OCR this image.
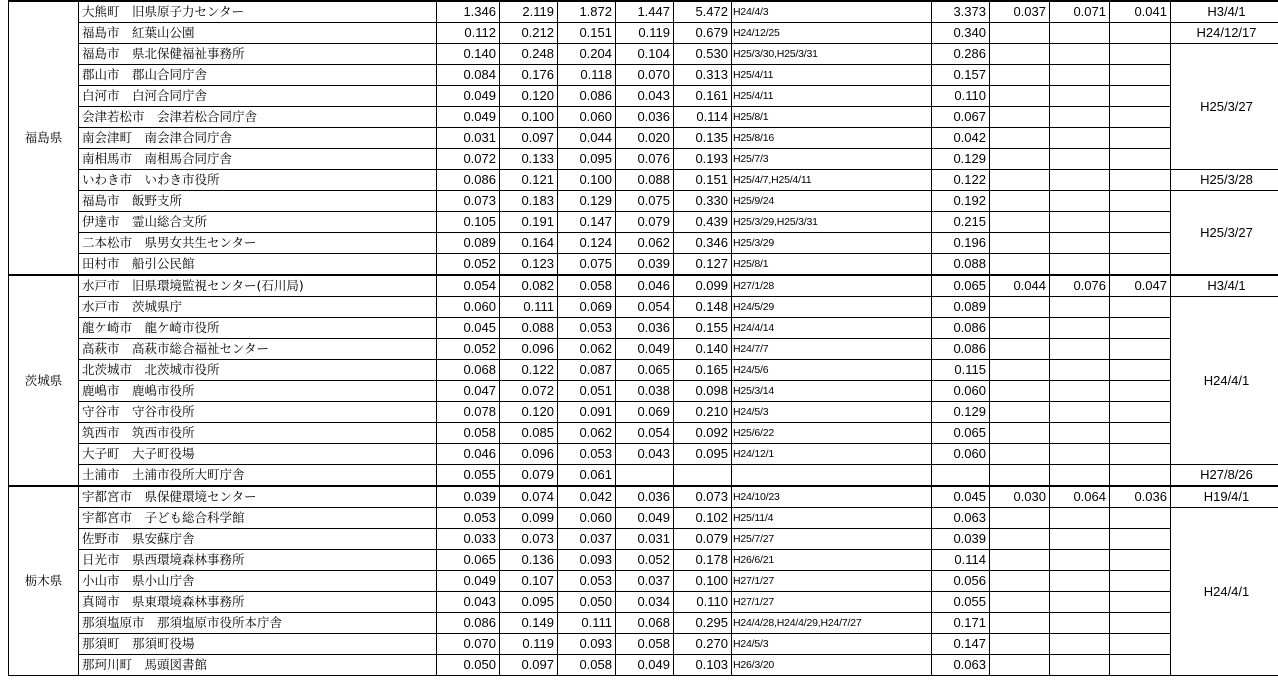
福島県	大熊町　旧県原子力センター	1.346	2.119	1.872	1.447	5.472	H24/4/3	3.373	0.037	0.071	0.041	H3/4/1
	福島市　紅葉山公園	0.112	0.212	0.151	0.119	0.679	H24/12/25	0.340				H24/12/17
	福島市　県北保健福祉事務所	0.140	0.248	0.204	0.104	0.530	H25/3/30,H25/3/31	0.286				H25/3/27
	郡山市　郡山合同庁舎	0.084	0.176	0.118	0.070	0.313	H25/4/11	0.157				
	白河市　白河合同庁舎	0.049	0.120	0.086	0.043	0.161	H25/4/11	0.110				
	会津若松市　会津若松合同庁舎	0.049	0.100	0.060	0.036	0.114	H25/8/1	0.067				
	南会津町　南会津合同庁舎	0.031	0.097	0.044	0.020	0.135	H25/8/16	0.042				
	南相馬市　南相馬合同庁舎	0.072	0.133	0.095	0.076	0.193	H25/7/3	0.129				
	いわき市　いわき市役所	0.086	0.121	0.100	0.088	0.151	H25/4/7,H25/4/11	0.122				H25/3/28
	福島市　飯野支所	0.073	0.183	0.129	0.075	0.330	H25/9/24	0.192				H25/3/27
	伊達市　霊山総合支所	0.105	0.191	0.147	0.079	0.439	H25/3/29,H25/3/31	0.215				
	二本松市　県男女共生センター	0.089	0.164	0.124	0.062	0.346	H25/3/29	0.196				
	田村市　船引公民館	0.052	0.123	0.075	0.039	0.127	H25/8/1	0.088				
茨城県	水戸市　旧県環境監視センター(石川局)	0.054	0.082	0.058	0.046	0.099	H27/1/28	0.065	0.044	0.076	0.047	H3/4/1
	水戸市　茨城県庁	0.060	0.111	0.069	0.054	0.148	H24/5/29	0.089				H24/4/1
	龍ケ崎市　龍ケ崎市役所	0.045	0.088	0.053	0.036	0.155	H24/4/14	0.086				
	高萩市　高萩市総合福祉センター	0.052	0.096	0.062	0.049	0.140	H24/7/7	0.086				
	北茨城市　北茨城市役所	0.068	0.122	0.087	0.065	0.165	H24/5/6	0.115				
	鹿嶋市　鹿嶋市役所	0.047	0.072	0.051	0.038	0.098	H25/3/14	0.060				
	守谷市　守谷市役所	0.078	0.120	0.091	0.069	0.210	H24/5/3	0.129				
	筑西市　筑西市役所	0.058	0.085	0.062	0.054	0.092	H25/6/22	0.065				
	大子町　大子町役場	0.046	0.096	0.053	0.043	0.095	H24/12/1	0.060				
	土浦市　土浦市役所大町庁舎	0.055	0.079	0.061								H27/8/26
栃木県	宇都宮市　県保健環境センター	0.039	0.074	0.042	0.036	0.073	H24/10/23	0.045	0.030	0.064	0.036	H19/4/1
	宇都宮市　子ども総合科学館	0.053	0.099	0.060	0.049	0.102	H25/11/4	0.063				H24/4/1
	佐野市　県安蘇庁舎	0.033	0.073	0.037	0.031	0.079	H25/7/27	0.039				
	日光市　県西環境森林事務所	0.065	0.136	0.093	0.052	0.178	H26/6/21	0.114				
	小山市　県小山庁舎	0.049	0.107	0.053	0.037	0.100	H27/1/27	0.056				
	真岡市　県東環境森林事務所	0.043	0.095	0.050	0.034	0.110	H27/1/27	0.055				
	那須塩原市　那須塩原市役所本庁舎	0.086	0.149	0.111	0.068	0.295	H24/4/28,H24/4/29,H24/7/27	0.171				
	那須町　那須町役場	0.070	0.119	0.093	0.058	0.270	H24/5/3	0.147				
	那珂川町　馬頭図書館	0.050	0.097	0.058	0.049	0.103	H26/3/20	0.063				
